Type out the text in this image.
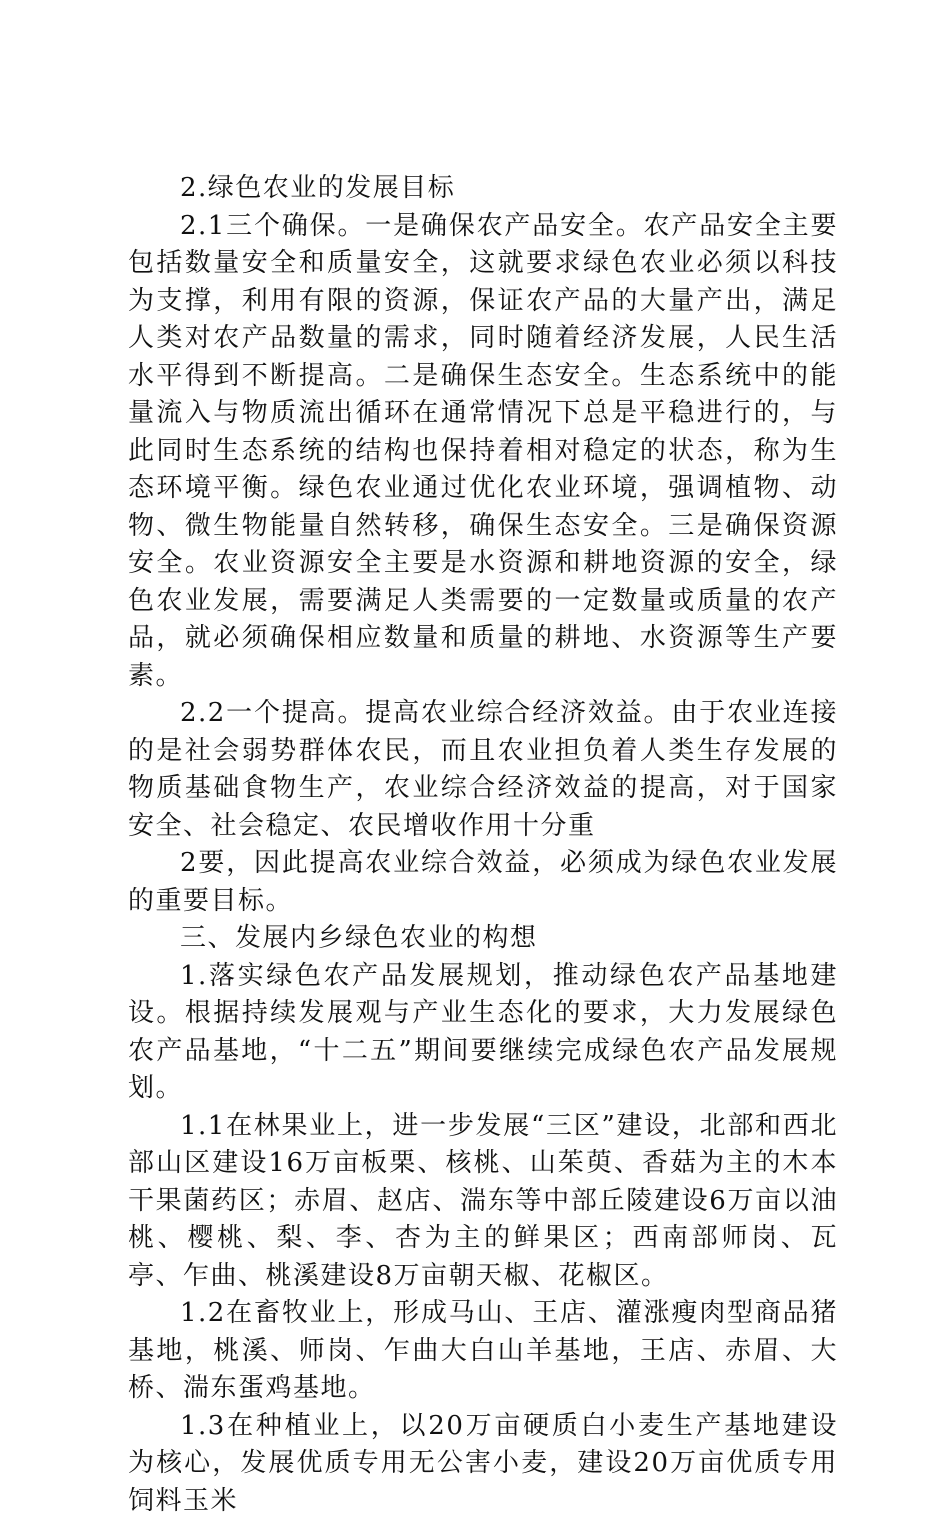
2.绿色农业的发展目标

2.1三个确保。一是确保农产品安全。农产品安全主要包括数量安全和质量安全，这就要求绿色农业必须以科技为支撑，利用有限的资源，保证农产品的大量产出，满足人类对农产品数量的需求，同时随着经济发展，人民生活水平得到不断提高。二是确保生态安全。生态系统中的能量流入与物质流出循环在通常情况下总是平稳进行的，与此同时生态系统的结构也保持着相对稳定的状态，称为生态环境平衡。绿色农业通过优化农业环境，强调植物、动物、微生物能量自然转移，确保生态安全。三是确保资源安全。农业资源安全主要是水资源和耕地资源的安全，绿色农业发展，需要满足人类需要的一定数量或质量的农产品，就必须确保相应数量和质量的耕地、水资源等生产要素。

2.2一个提高。提高农业综合经济效益。由于农业连接的是社会弱势群体农民，而且农业担负着人类生存发展的物质基础食物生产，农业综合经济效益的提高，对于国家安全、社会稳定、农民增收作用十分重

2要，因此提高农业综合效益，必须成为绿色农业发展的重要目标。

三、发展内乡绿色农业的构想

1.落实绿色农产品发展规划，推动绿色农产品基地建设。根据持续发展观与产业生态化的要求，大力发展绿色农产品基地，“十二五”期间要继续完成绿色农产品发展规划。

1.1在林果业上，进一步发展“三区”建设，北部和西北部山区建设16万亩板栗、核桃、山茱萸、香菇为主的木本干果菌药区；赤眉、赵店、湍东等中部丘陵建设6万亩以油桃、樱桃、梨、李、杏为主的鲜果区；西南部师岗、瓦亭、乍曲、桃溪建设8万亩朝天椒、花椒区。

1.2在畜牧业上，形成马山、王店、灌涨瘦肉型商品猪基地，桃溪、师岗、乍曲大白山羊基地，王店、赤眉、大桥、湍东蛋鸡基地。

1.3在种植业上，以20万亩硬质白小麦生产基地建设为核心，发展优质专用无公害小麦，建设20万亩优质专用饲料玉米
